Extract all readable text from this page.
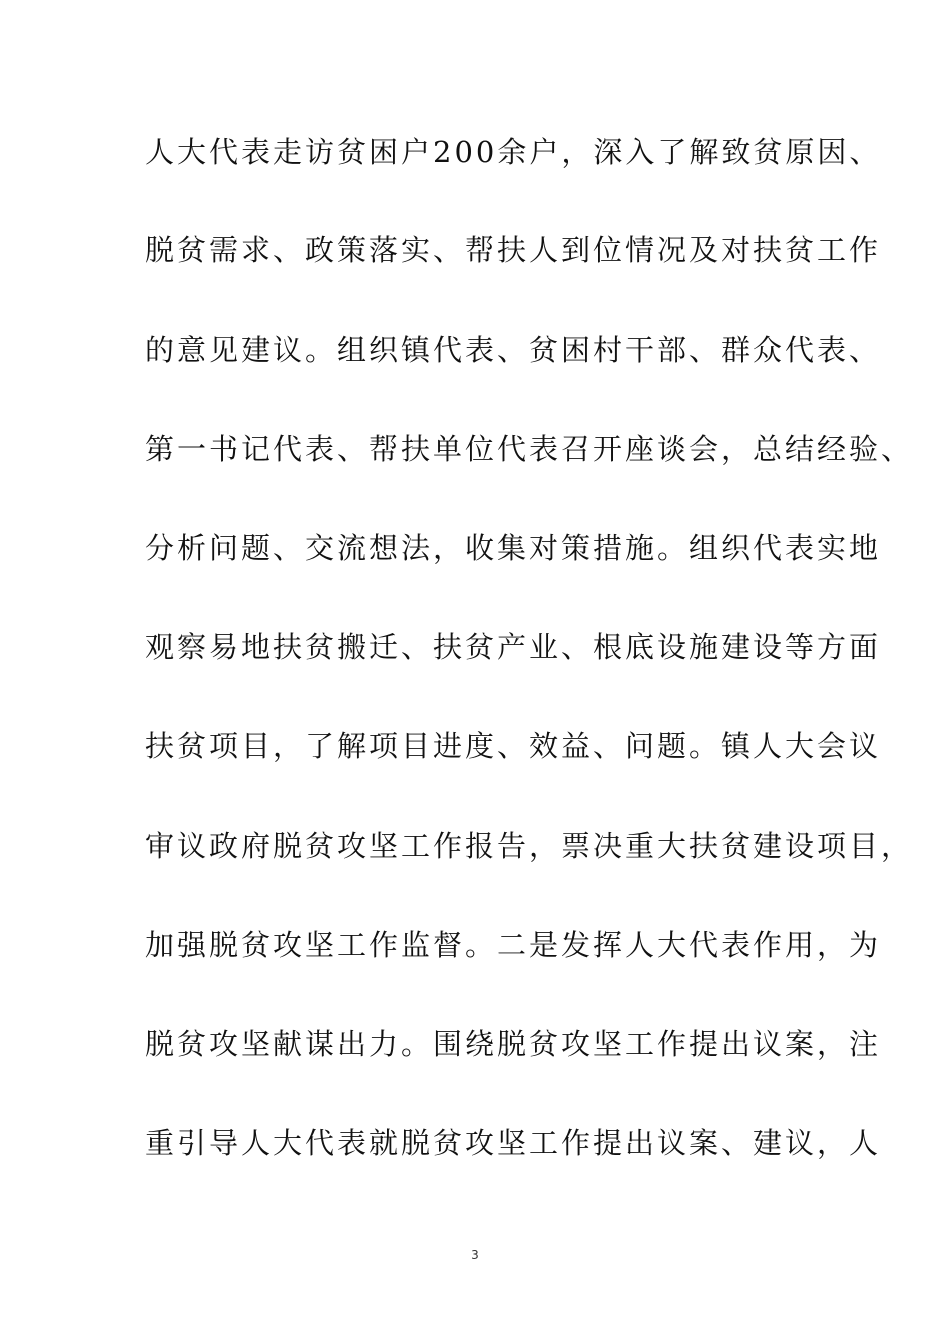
人大代表走访贫困户200余户，深入了解致贫原因、
脱贫需求、政策落实、帮扶人到位情况及对扶贫工作
的意见建议。组织镇代表、贫困村干部、群众代表、
第一书记代表、帮扶单位代表召开座谈会，总结经验、
分析问题、交流想法，收集对策措施。组织代表实地
观察易地扶贫搬迁、扶贫产业、根底设施建设等方面
扶贫项目，了解项目进度、效益、问题。镇人大会议
审议政府脱贫攻坚工作报告，票决重大扶贫建设项目，
加强脱贫攻坚工作监督。二是发挥人大代表作用，为
脱贫攻坚献谋出力。围绕脱贫攻坚工作提出议案，注
重引导人大代表就脱贫攻坚工作提出议案、建议，人
3
